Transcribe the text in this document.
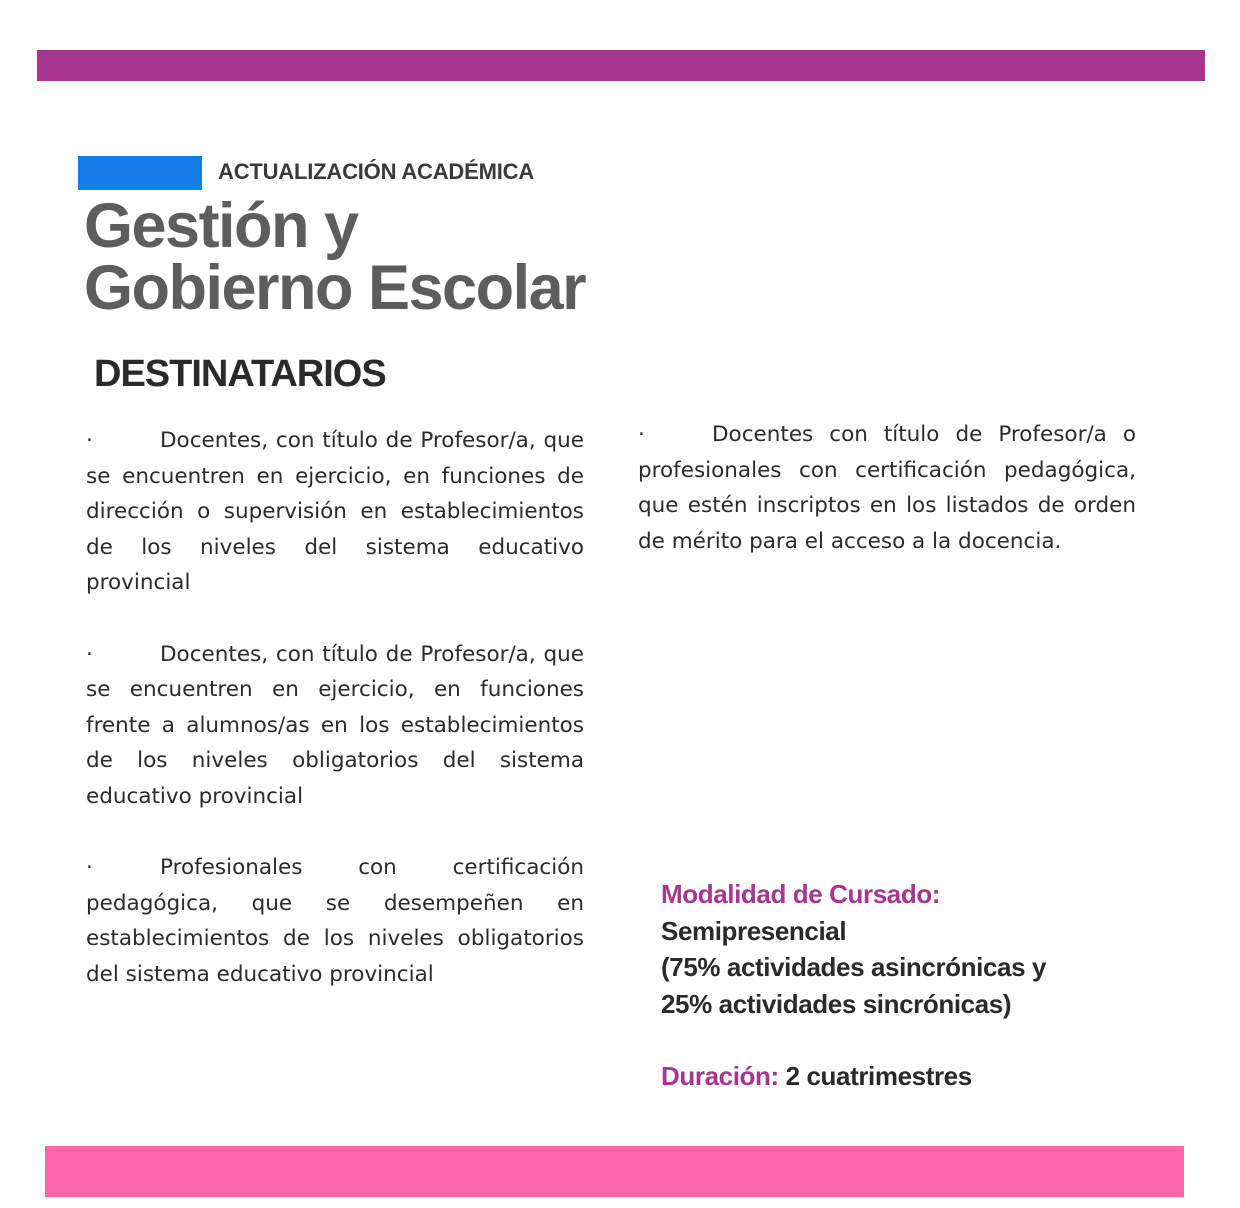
ACTUALIZACIÓN ACADÉMICA
Gestión y
Gobierno Escolar
DESTINATARIOS

·	Docentes, con título de Profesor/a, que se encuentren en ejercicio, en funciones de dirección o supervisión en establecimientos de los niveles del sistema educativo provincial

·	Docentes, con título de Profesor/a, que se encuentren en ejercicio, en funciones frente a alumnos/as en los establecimientos de los niveles obligatorios del sistema educativo provincial

·	Profesionales con certificación pedagógica, que se desempeñen en establecimientos de los niveles obligatorios del sistema educativo provincial

·	Docentes con título de Profesor/a o profesionales con certificación pedagógica, que estén inscriptos en los listados de orden de mérito para el acceso a la docencia.

Modalidad de Cursado:
Semipresencial
(75% actividades asincrónicas y
25% actividades sincrónicas)
Duración: 2 cuatrimestres
